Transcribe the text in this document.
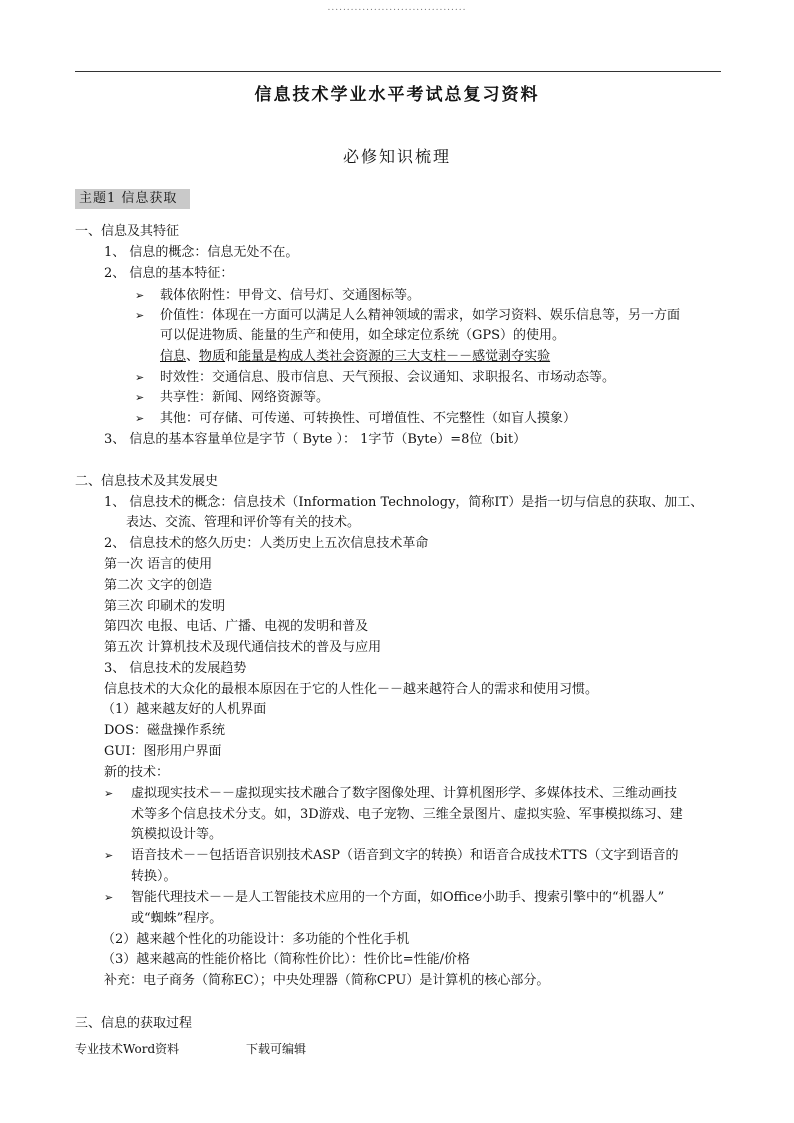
....................................
信息技术学业水平考试总复习资料
必修知识梳理
主题1 信息获取
一、信息及其特征
1、 信息的概念：信息无处不在。
2、 信息的基本特征：
➢ 载体依附性：甲骨文、信号灯、交通图标等。
➢ 价值性：体现在一方面可以满足人么精神领域的需求，如学习资料、娱乐信息等，另一方面
可以促进物质、能量的生产和使用，如全球定位系统（GPS）的使用。
信息、物质和能量是构成人类社会资源的三大支柱－－感觉剥夺实验
➢ 时效性：交通信息、股市信息、天气预报、会议通知、求职报名、市场动态等。
➢ 共享性：新闻、网络资源等。
➢ 其他：可存储、可传递、可转换性、可增值性、不完整性（如盲人摸象）
3、 信息的基本容量单位是字节（ Byte ）： 1字节（Byte）=8位（bit）
二、信息技术及其发展史
1、 信息技术的概念：信息技术（Information Technology，简称IT）是指一切与信息的获取、加工、
表达、交流、管理和评价等有关的技术。
2、 信息技术的悠久历史：人类历史上五次信息技术革命
第一次 语言的使用
第二次 文字的创造
第三次 印刷术的发明
第四次 电报、电话、广播、电视的发明和普及
第五次 计算机技术及现代通信技术的普及与应用
3、 信息技术的发展趋势
信息技术的大众化的最根本原因在于它的人性化－－越来越符合人的需求和使用习惯。
（1）越来越友好的人机界面
DOS：磁盘操作系统
GUI：图形用户界面
新的技术：
➢ 虚拟现实技术－－虚拟现实技术融合了数字图像处理、计算机图形学、多媒体技术、三维动画技
术等多个信息技术分支。如，3D游戏、电子宠物、三维全景图片、虚拟实验、军事模拟练习、建
筑模拟设计等。
➢ 语音技术－－包括语音识别技术ASP（语音到文字的转换）和语音合成技术TTS（文字到语音的
转换）。
➢ 智能代理技术－－是人工智能技术应用的一个方面，如Office小助手、搜索引擎中的“机器人”
或“蜘蛛”程序。
（2）越来越个性化的功能设计：多功能的个性化手机
（3）越来越高的性能价格比（简称性价比）：性价比=性能/价格
补充：电子商务（简称EC）；中央处理器（简称CPU）是计算机的核心部分。
三、信息的获取过程
专业技术Word资料	下载可编辑
